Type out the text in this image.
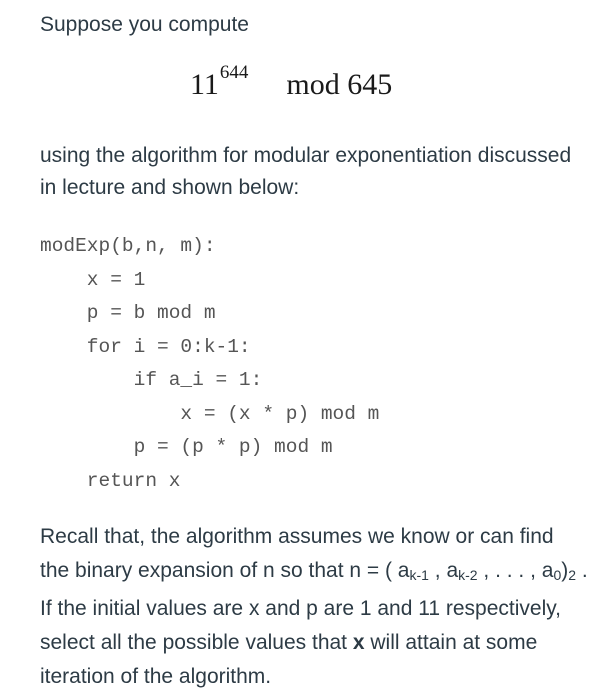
Suppose you compute
$11^{644}$ mod 645
using the algorithm for modular exponentiation discussed in lecture and shown below:
modExp(b,n, m):
x = 1
p = b mod m
for i = 0:k-1:
if a_i = 1:
x = (x * p) mod m
p = (p * p) mod m
return x
Recall that, the algorithm assumes we know or can find the binary expansion of n so that n = ( $a_{k-1}$ , $a_{k-2}$ , . . . , $a_0)_2$ . If the initial values are x and p are 1 and 11 respectively, select all the possible values that x will attain at some iteration of the algorithm.
